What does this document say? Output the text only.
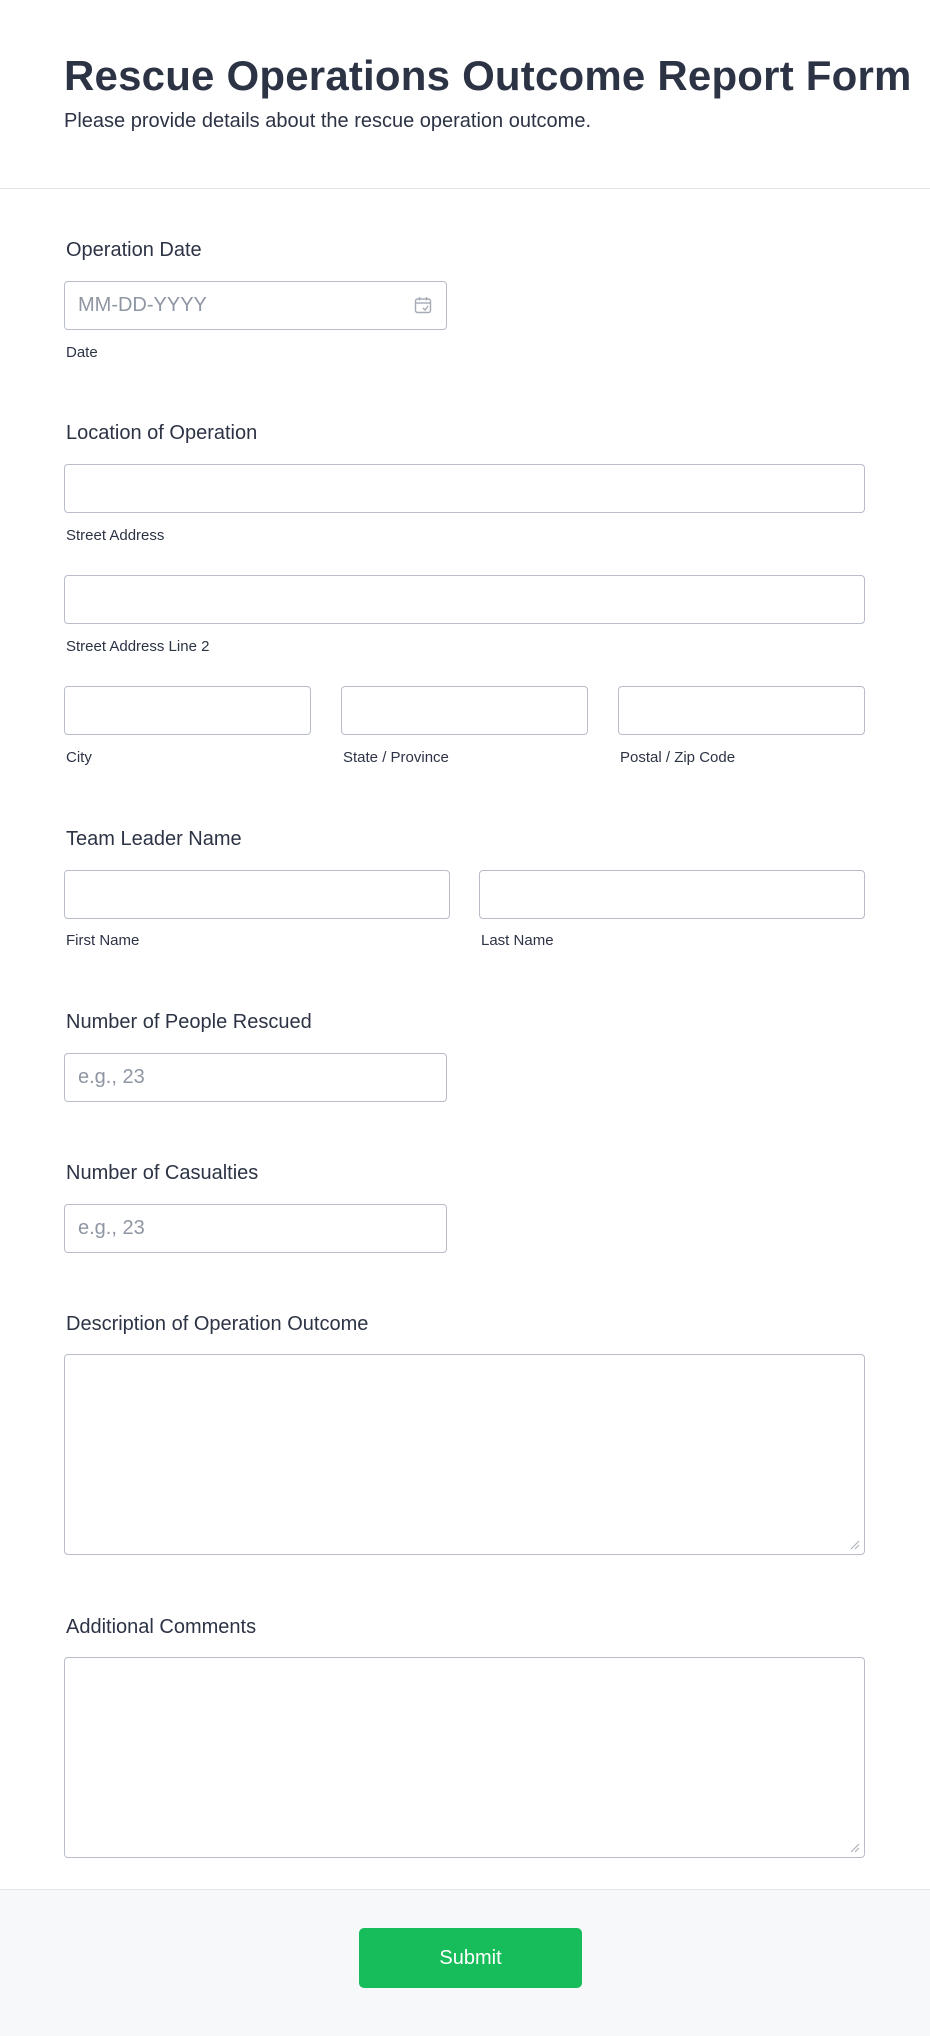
Rescue Operations Outcome Report Form
Please provide details about the rescue operation outcome.
Operation Date
MM-DD-YYYY
Date
Location of Operation
Street Address
Street Address Line 2
City	State / Province	Postal / Zip Code
Team Leader Name
First Name	Last Name
Number of People Rescued
e.g., 23
Number of Casualties
e.g., 23
Description of Operation Outcome
Additional Comments
Submit
